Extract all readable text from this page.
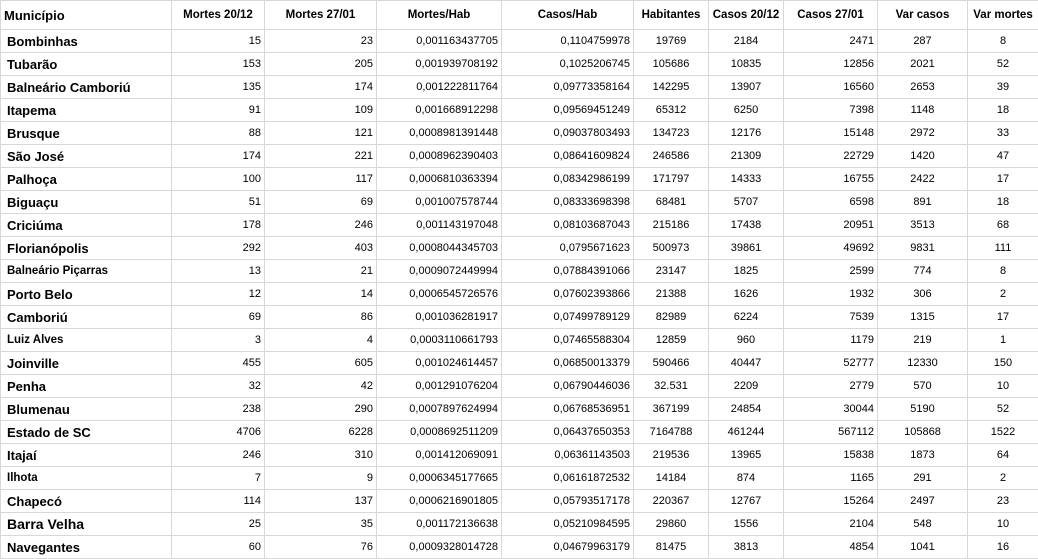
Município	Mortes 20/12	Mortes 27/01	Mortes/Hab	Casos/Hab	Habitantes	Casos 20/12	Casos 27/01	Var casos	Var mortes
Bombinhas	15	23	0,001163437705	0,1104759978	19769	2184	2471	287	8
Tubarão	153	205	0,001939708192	0,1025206745	105686	10835	12856	2021	52
Balneário Camboriú	135	174	0,001222811764	0,09773358164	142295	13907	16560	2653	39
Itapema	91	109	0,001668912298	0,09569451249	65312	6250	7398	1148	18
Brusque	88	121	0,0008981391448	0,09037803493	134723	12176	15148	2972	33
São José	174	221	0,0008962390403	0,08641609824	246586	21309	22729	1420	47
Palhoça	100	117	0,0006810363394	0,08342986199	171797	14333	16755	2422	17
Biguaçu	51	69	0,001007578744	0,08333698398	68481	5707	6598	891	18
Criciúma	178	246	0,001143197048	0,08103687043	215186	17438	20951	3513	68
Florianópolis	292	403	0,0008044345703	0,0795671623	500973	39861	49692	9831	111
Balneário Piçarras	13	21	0,0009072449994	0,07884391066	23147	1825	2599	774	8
Porto Belo	12	14	0,0006545726576	0,07602393866	21388	1626	1932	306	2
Camboriú	69	86	0,001036281917	0,07499789129	82989	6224	7539	1315	17
Luiz Alves	3	4	0,0003110661793	0,07465588304	12859	960	1179	219	1
Joinville	455	605	0,001024614457	0,06850013379	590466	40447	52777	12330	150
Penha	32	42	0,001291076204	0,06790446036	32.531	2209	2779	570	10
Blumenau	238	290	0,0007897624994	0,06768536951	367199	24854	30044	5190	52
Estado de SC	4706	6228	0,0008692511209	0,06437650353	7164788	461244	567112	105868	1522
Itajaí	246	310	0,001412069091	0,06361143503	219536	13965	15838	1873	64
Ilhota	7	9	0,0006345177665	0,06161872532	14184	874	1165	291	2
Chapecó	114	137	0,0006216901805	0,05793517178	220367	12767	15264	2497	23
Barra Velha	25	35	0,001172136638	0,05210984595	29860	1556	2104	548	10
Navegantes	60	76	0,0009328014728	0,04679963179	81475	3813	4854	1041	16
